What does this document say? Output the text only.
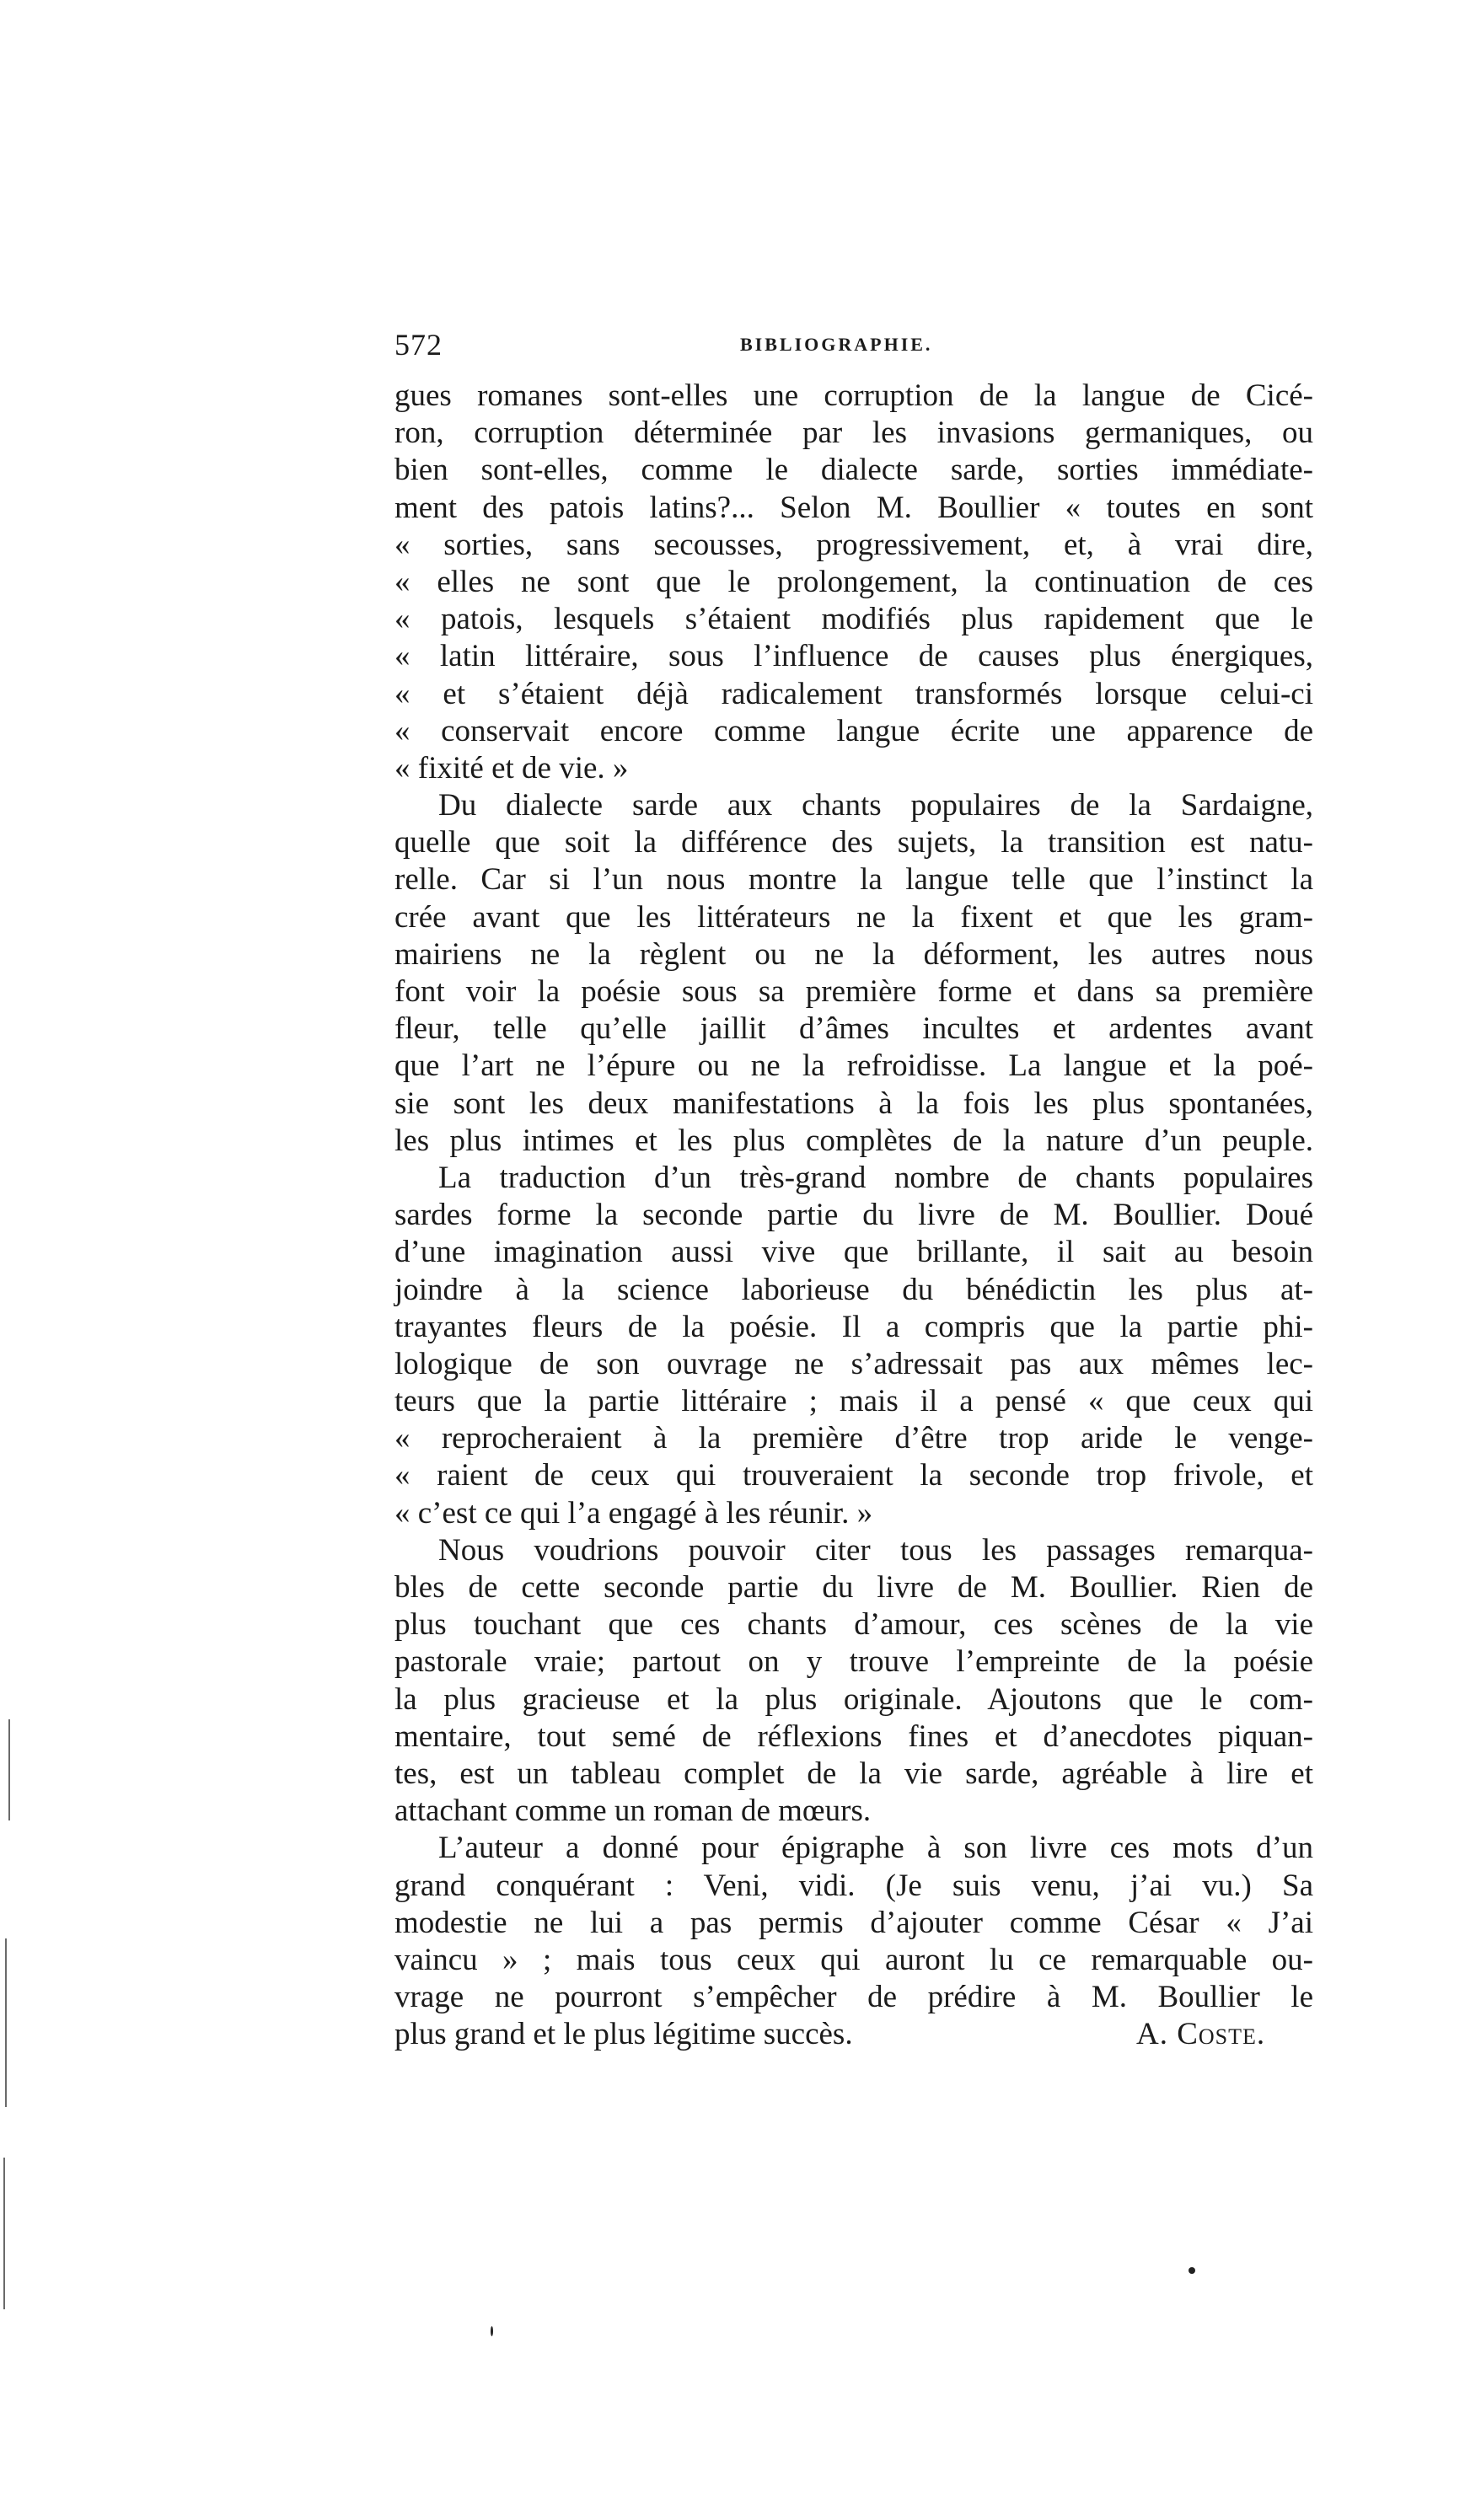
572	BIBLIOGRAPHIE.
gues romanes sont-elles une corruption de la langue de Cicé-
ron, corruption déterminée par les invasions germaniques, ou
bien sont-elles, comme le dialecte sarde, sorties immédiate-
ment des patois latins?... Selon M. Boullier « toutes en sont
« sorties, sans secousses, progressivement, et, à vrai dire,
« elles ne sont que le prolongement, la continuation de ces
« patois, lesquels s’étaient modifiés plus rapidement que le
« latin littéraire, sous l’influence de causes plus énergiques,
« et s’étaient déjà radicalement transformés lorsque celui-ci
« conservait encore comme langue écrite une apparence de
« fixité et de vie. »
Du dialecte sarde aux chants populaires de la Sardaigne,
quelle que soit la différence des sujets, la transition est natu-
relle. Car si l’un nous montre la langue telle que l’instinct la
crée avant que les littérateurs ne la fixent et que les gram-
mairiens ne la règlent ou ne la déforment, les autres nous
font voir la poésie sous sa première forme et dans sa première
fleur, telle qu’elle jaillit d’âmes incultes et ardentes avant
que l’art ne l’épure ou ne la refroidisse. La langue et la poé-
sie sont les deux manifestations à la fois les plus spontanées,
les plus intimes et les plus complètes de la nature d’un peuple.
La traduction d’un très-grand nombre de chants populaires
sardes forme la seconde partie du livre de M. Boullier. Doué
d’une imagination aussi vive que brillante, il sait au besoin
joindre à la science laborieuse du bénédictin les plus at-
trayantes fleurs de la poésie. Il a compris que la partie phi-
lologique de son ouvrage ne s’adressait pas aux mêmes lec-
teurs que la partie littéraire ; mais il a pensé « que ceux qui
« reprocheraient à la première d’être trop aride le venge-
« raient de ceux qui trouveraient la seconde trop frivole, et
« c’est ce qui l’a engagé à les réunir. »
Nous voudrions pouvoir citer tous les passages remarqua-
bles de cette seconde partie du livre de M. Boullier. Rien de
plus touchant que ces chants d’amour, ces scènes de la vie
pastorale vraie; partout on y trouve l’empreinte de la poésie
la plus gracieuse et la plus originale. Ajoutons que le com-
mentaire, tout semé de réflexions fines et d’anecdotes piquan-
tes, est un tableau complet de la vie sarde, agréable à lire et
attachant comme un roman de mœurs.
L’auteur a donné pour épigraphe à son livre ces mots d’un
grand conquérant : Veni, vidi. (Je suis venu, j’ai vu.) Sa
modestie ne lui a pas permis d’ajouter comme César « J’ai
vaincu » ; mais tous ceux qui auront lu ce remarquable ou-
vrage ne pourront s’empêcher de prédire à M. Boullier le
plus grand et le plus légitime succès.	A. Coste.
